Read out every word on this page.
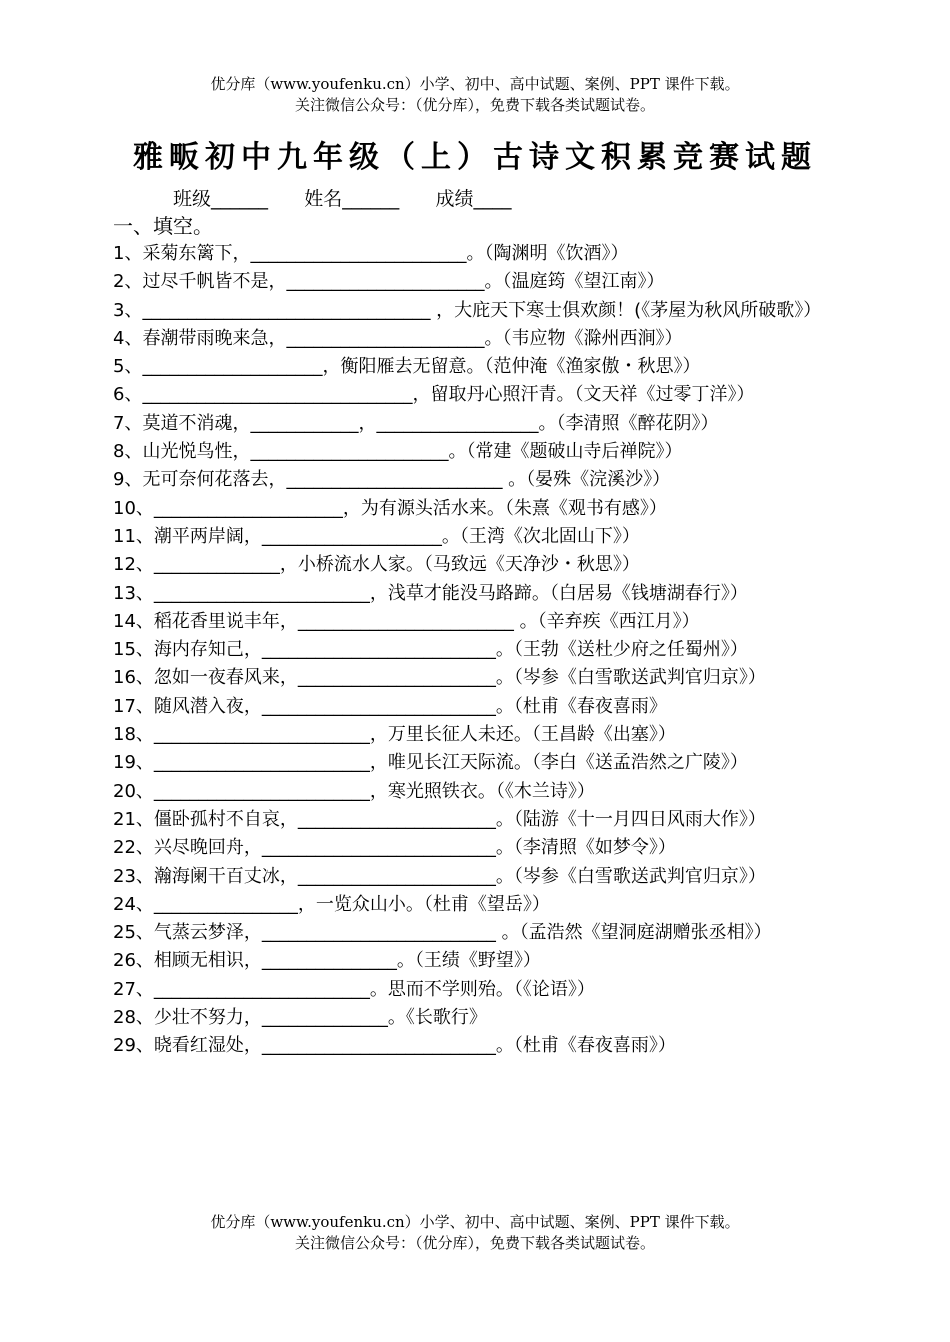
优分库（www.youfenku.cn）小学、初中、高中试题、案例、PPT 课件下载。
关注微信公众号：（优分库），免费下载各类试题试卷。
雅畈初中九年级（上）古诗文积累竞赛试题
班级______ 姓名______ 成绩____
一、填空。
1、采菊东篱下，________________________。（陶渊明《饮酒》）
2、过尽千帆皆不是，______________________。（温庭筠《望江南》）
3、________________________________ ，大庇天下寒士俱欢颜！(《茅屋为秋风所破歌》）
4、春潮带雨晚来急，______________________。（韦应物《滁州西涧》）
5、____________________，衡阳雁去无留意。（范仲淹《渔家傲・秋思》）
6、______________________________，留取丹心照汗青。（文天祥《过零丁洋》）
7、莫道不消魂，____________，__________________。（李清照《醉花阴》）
8、山光悦鸟性，______________________。（常建《题破山寺后禅院》）
9、无可奈何花落去，________________________ 。（晏殊《浣溪沙》）
10、_____________________，为有源头活水来。（朱熹《观书有感》）
11、潮平两岸阔，____________________。（王湾《次北固山下》）
12、______________，小桥流水人家。（马致远《天净沙・秋思》）
13、________________________，浅草才能没马路蹄。（白居易《钱塘湖春行》）
14、稻花香里说丰年，________________________ 。（辛弃疾《西江月》）
15、海内存知己，__________________________。（王勃《送杜少府之任蜀州》）
16、忽如一夜春风来，______________________。（岑参《白雪歌送武判官归京》）
17、随风潜入夜，__________________________。（杜甫《春夜喜雨》
18、________________________，万里长征人未还。（王昌龄《出塞》）
19、________________________，唯见长江天际流。（李白《送孟浩然之广陵》）
20、________________________，寒光照铁衣。（《木兰诗》）
21、僵卧孤村不自哀，______________________。（陆游《十一月四日风雨大作》）
22、兴尽晚回舟，__________________________。（李清照《如梦令》）
23、瀚海阑干百丈冰，______________________。（岑参《白雪歌送武判官归京》）
24、________________，一览众山小。（杜甫《望岳》）
25、气蒸云梦泽，__________________________ 。（孟浩然《望洞庭湖赠张丞相》）
26、相顾无相识，_______________。（王绩《野望》）
27、________________________。思而不学则殆。（《论语》）
28、少壮不努力，______________。《长歌行》
29、晓看红湿处，__________________________。（杜甫《春夜喜雨》）
优分库（www.youfenku.cn）小学、初中、高中试题、案例、PPT 课件下载。
关注微信公众号：（优分库），免费下载各类试题试卷。
